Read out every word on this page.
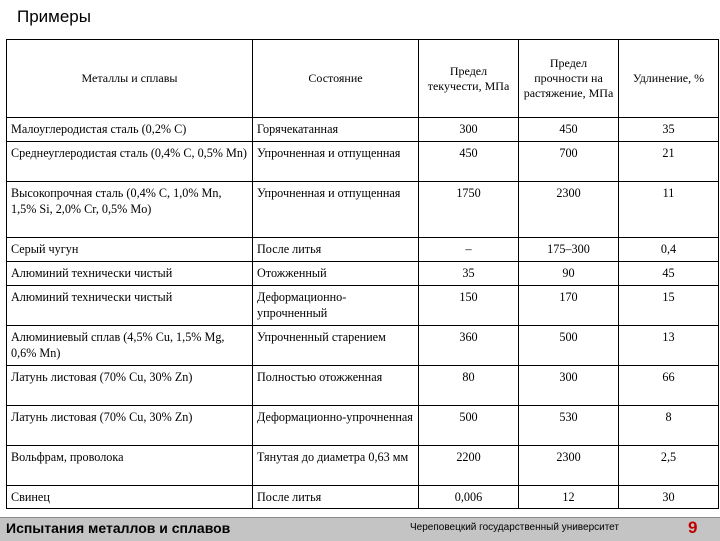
Примеры
Металлы и сплавы	Состояние	Предел текучести, МПа	Предел прочности на растяжение, МПа	Удлинение, %
Малоуглеродистая сталь (0,2% С)	Горячекатанная	300	450	35
Среднеуглеродистая сталь (0,4% С, 0,5% Mn)	Упрочненная и отпущенная	450	700	21
Высокопрочная сталь (0,4% С, 1,0% Mn, 1,5% Si, 2,0% Cr, 0,5% Mo)	Упрочненная и отпущенная	1750	2300	11
Серый чугун	После литья	–	175–300	0,4
Алюминий технически чистый	Отожженный	35	90	45
Алюминий технически чистый	Деформационно-упрочненный	150	170	15
Алюминиевый сплав (4,5% Cu, 1,5% Mg, 0,6% Mn)	Упрочненный старением	360	500	13
Латунь листовая (70% Cu, 30% Zn)	Полностью отожженная	80	300	66
Латунь листовая (70% Cu, 30% Zn)	Деформационно-упрочненная	500	530	8
Вольфрам, проволока	Тянутая до диаметра 0,63 мм	2200	2300	2,5
Свинец	После литья	0,006	12	30
Испытания металлов и сплавов	Череповецкий государственный университет	9
